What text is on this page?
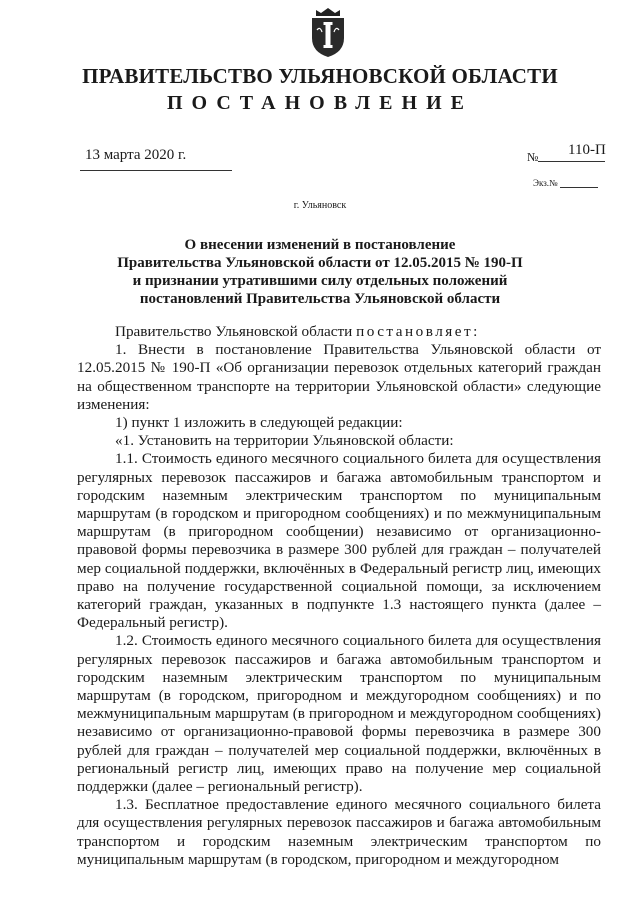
ПРАВИТЕЛЬСТВО УЛЬЯНОВСКОЙ ОБЛАСТИ
ПОСТАНОВЛЕНИЕ
13 марта 2020 г.	№ 110-П
Экз.№
г. Ульяновск
О внесении изменений в постановление
Правительства Ульяновской области от 12.05.2015 № 190-П
и признании утратившими силу отдельных положений
постановлений Правительства Ульяновской области

Правительство Ульяновской области постановляет:

1. Внести в постановление Правительства Ульяновской области от 12.05.2015 № 190-П «Об организации перевозок отдельных категорий граждан на общественном транспорте на территории Ульяновской области» следующие изменения:

1) пункт 1 изложить в следующей редакции:

«1. Установить на территории Ульяновской области:

1.1. Стоимость единого месячного социального билета для осуществления регулярных перевозок пассажиров и багажа автомобильным транспортом и городским наземным электрическим транспортом по муниципальным маршрутам (в городском и пригородном сообщениях) и по межмуниципальным маршрутам (в пригородном сообщении) независимо от организационно-правовой формы перевозчика в размере 300 рублей для граждан – получателей мер социальной поддержки, включённых в Федеральный регистр лиц, имеющих право на получение государственной социальной помощи, за исключением категорий граждан, указанных в подпункте 1.3 настоящего пункта (далее – Федеральный регистр).

1.2. Стоимость единого месячного социального билета для осуществления регулярных перевозок пассажиров и багажа автомобильным транспортом и городским наземным электрическим транспортом по муниципальным маршрутам (в городском, пригородном и междугородном сообщениях) и по межмуниципальным маршрутам (в пригородном и междугородном сообщениях) независимо от организационно-правовой формы перевозчика в размере 300 рублей для граждан – получателей мер социальной поддержки, включённых в региональный регистр лиц, имеющих право на получение мер социальной поддержки (далее – региональный регистр).

1.3. Бесплатное предоставление единого месячного социального билета для осуществления регулярных перевозок пассажиров и багажа автомобильным транспортом и городским наземным электрическим транспортом по муниципальным маршрутам (в городском, пригородном и междугородном
